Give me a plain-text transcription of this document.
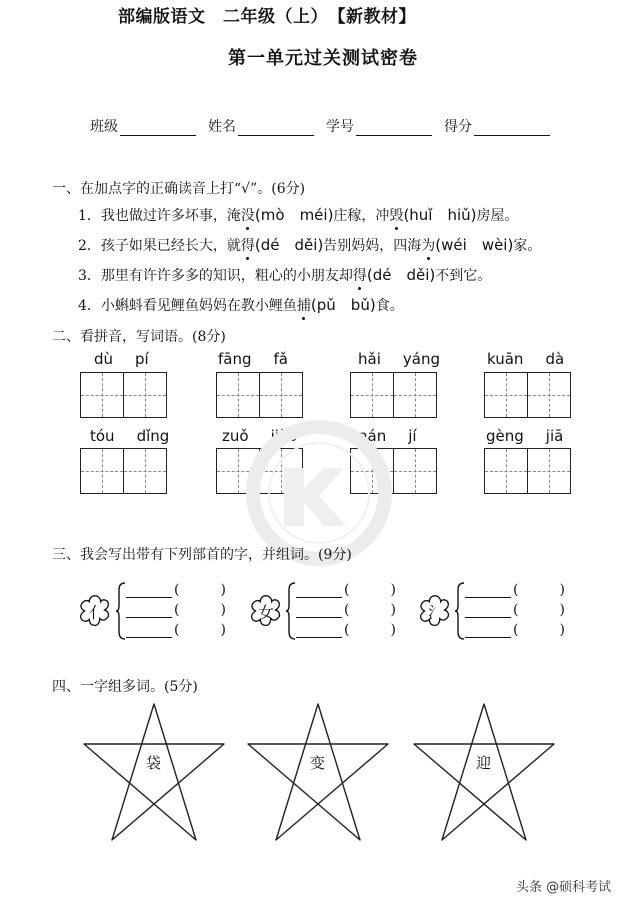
部编版语文　二年级（上）　【新教材】
第一单元过关测试密卷
班级	姓名	学号	得分
一、在加点字的正确读音上打“√”。(6分)
1．我也做过许多坏事，淹没(mò　méi)庄稼，冲毁(huǐ　hiǔ)房屋。
2．孩子如果已经长大，就得(dé　děi)告别妈妈，四海为(wéi　wèi)家。
3．那里有许许多多的知识，粗心的小朋友却得(dé　děi)不到它。
4．小蝌蚪看见鲤鱼妈妈在教小鲤鱼捕(pǔ　bǔ)食。
二、看拼音，写词语。(8分)
dù pí	fāng fǎ	hǎi yáng	kuān dà
tóu dǐng	zuǒ jiǎo	nán jí	gèng jiā
三、我会写出带有下列部首的字，并组词。(9分)
亻
(	)
(	)
(	)
女
(	)
(	)
(	)
氵
(	)
(	)
(	)
四、一字组多词。(5分)
袋	变	迎
头条 @硕科考试
